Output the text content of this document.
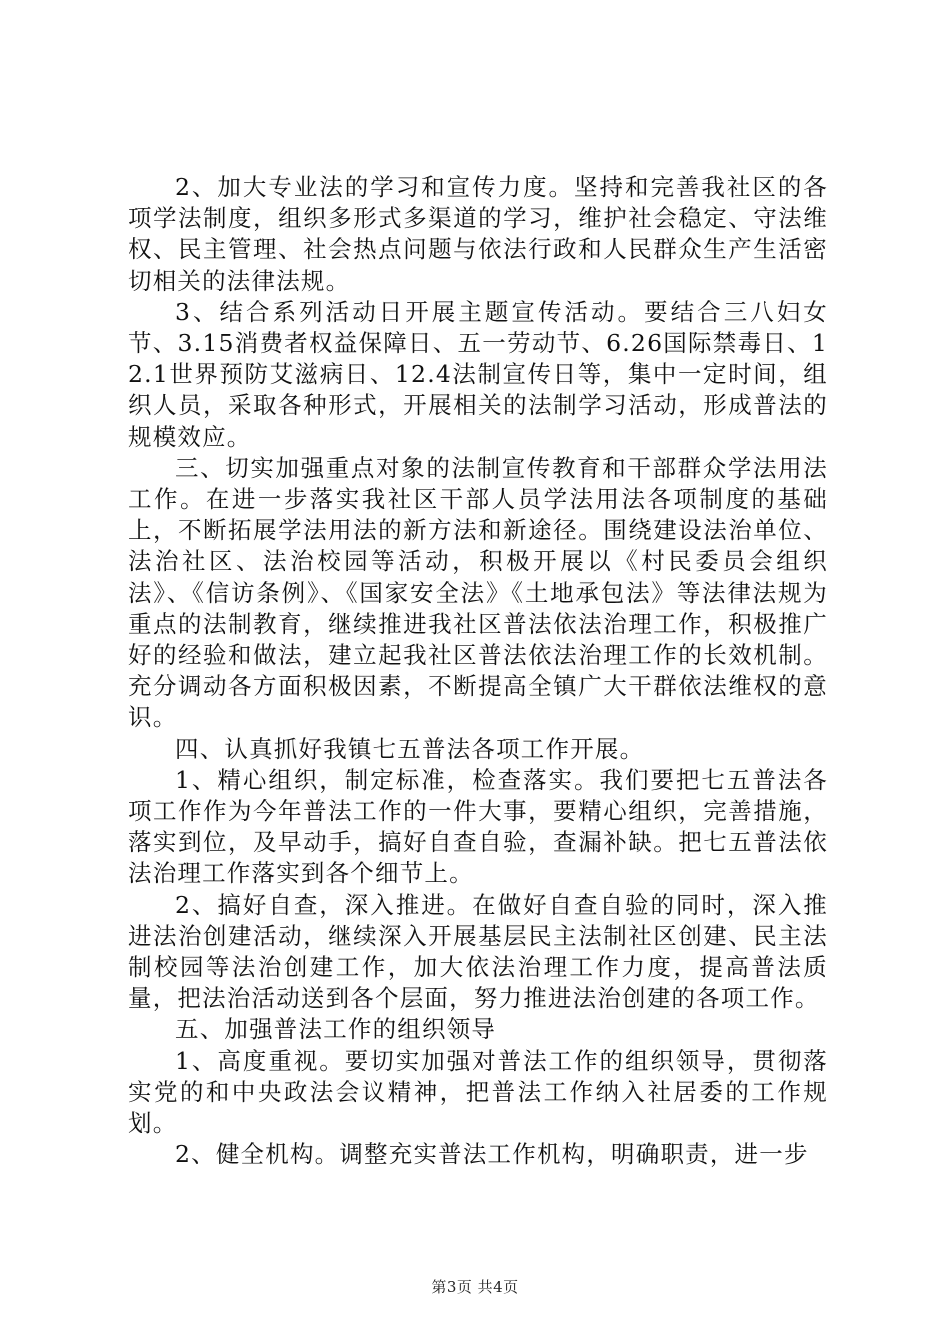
2、加大专业法的学习和宣传力度。坚持和完善我社区的各项学法制度，组织多形式多渠道的学习，维护社会稳定、守法维权、民主管理、社会热点问题与依法行政和人民群众生产生活密切相关的法律法规。

3、结合系列活动日开展主题宣传活动。要结合三八妇女节、3.15消费者权益保障日、五一劳动节、6.26国际禁毒日、12.1世界预防艾滋病日、12.4法制宣传日等，集中一定时间，组织人员，采取各种形式，开展相关的法制学习活动，形成普法的规模效应。

三、切实加强重点对象的法制宣传教育和干部群众学法用法工作。在进一步落实我社区干部人员学法用法各项制度的基础上，不断拓展学法用法的新方法和新途径。围绕建设法治单位、法治社区、法治校园等活动，积极开展以《村民委员会组织法》、《信访条例》、《国家安全法》《土地承包法》等法律法规为重点的法制教育，继续推进我社区普法依法治理工作，积极推广好的经验和做法，建立起我社区普法依法治理工作的长效机制。充分调动各方面积极因素，不断提高全镇广大干群依法维权的意识。

四、认真抓好我镇七五普法各项工作开展。

1、精心组织，制定标准，检查落实。我们要把七五普法各项工作作为今年普法工作的一件大事，要精心组织，完善措施，落实到位，及早动手，搞好自查自验，查漏补缺。把七五普法依法治理工作落实到各个细节上。

2、搞好自查，深入推进。在做好自查自验的同时，深入推进法治创建活动，继续深入开展基层民主法制社区创建、民主法制校园等法治创建工作，加大依法治理工作力度，提高普法质量，把法治活动送到各个层面，努力推进法治创建的各项工作。

五、加强普法工作的组织领导

1、高度重视。要切实加强对普法工作的组织领导，贯彻落实党的和中央政法会议精神，把普法工作纳入社居委的工作规划。

2、健全机构。调整充实普法工作机构，明确职责，进一步

第3页 共4页
